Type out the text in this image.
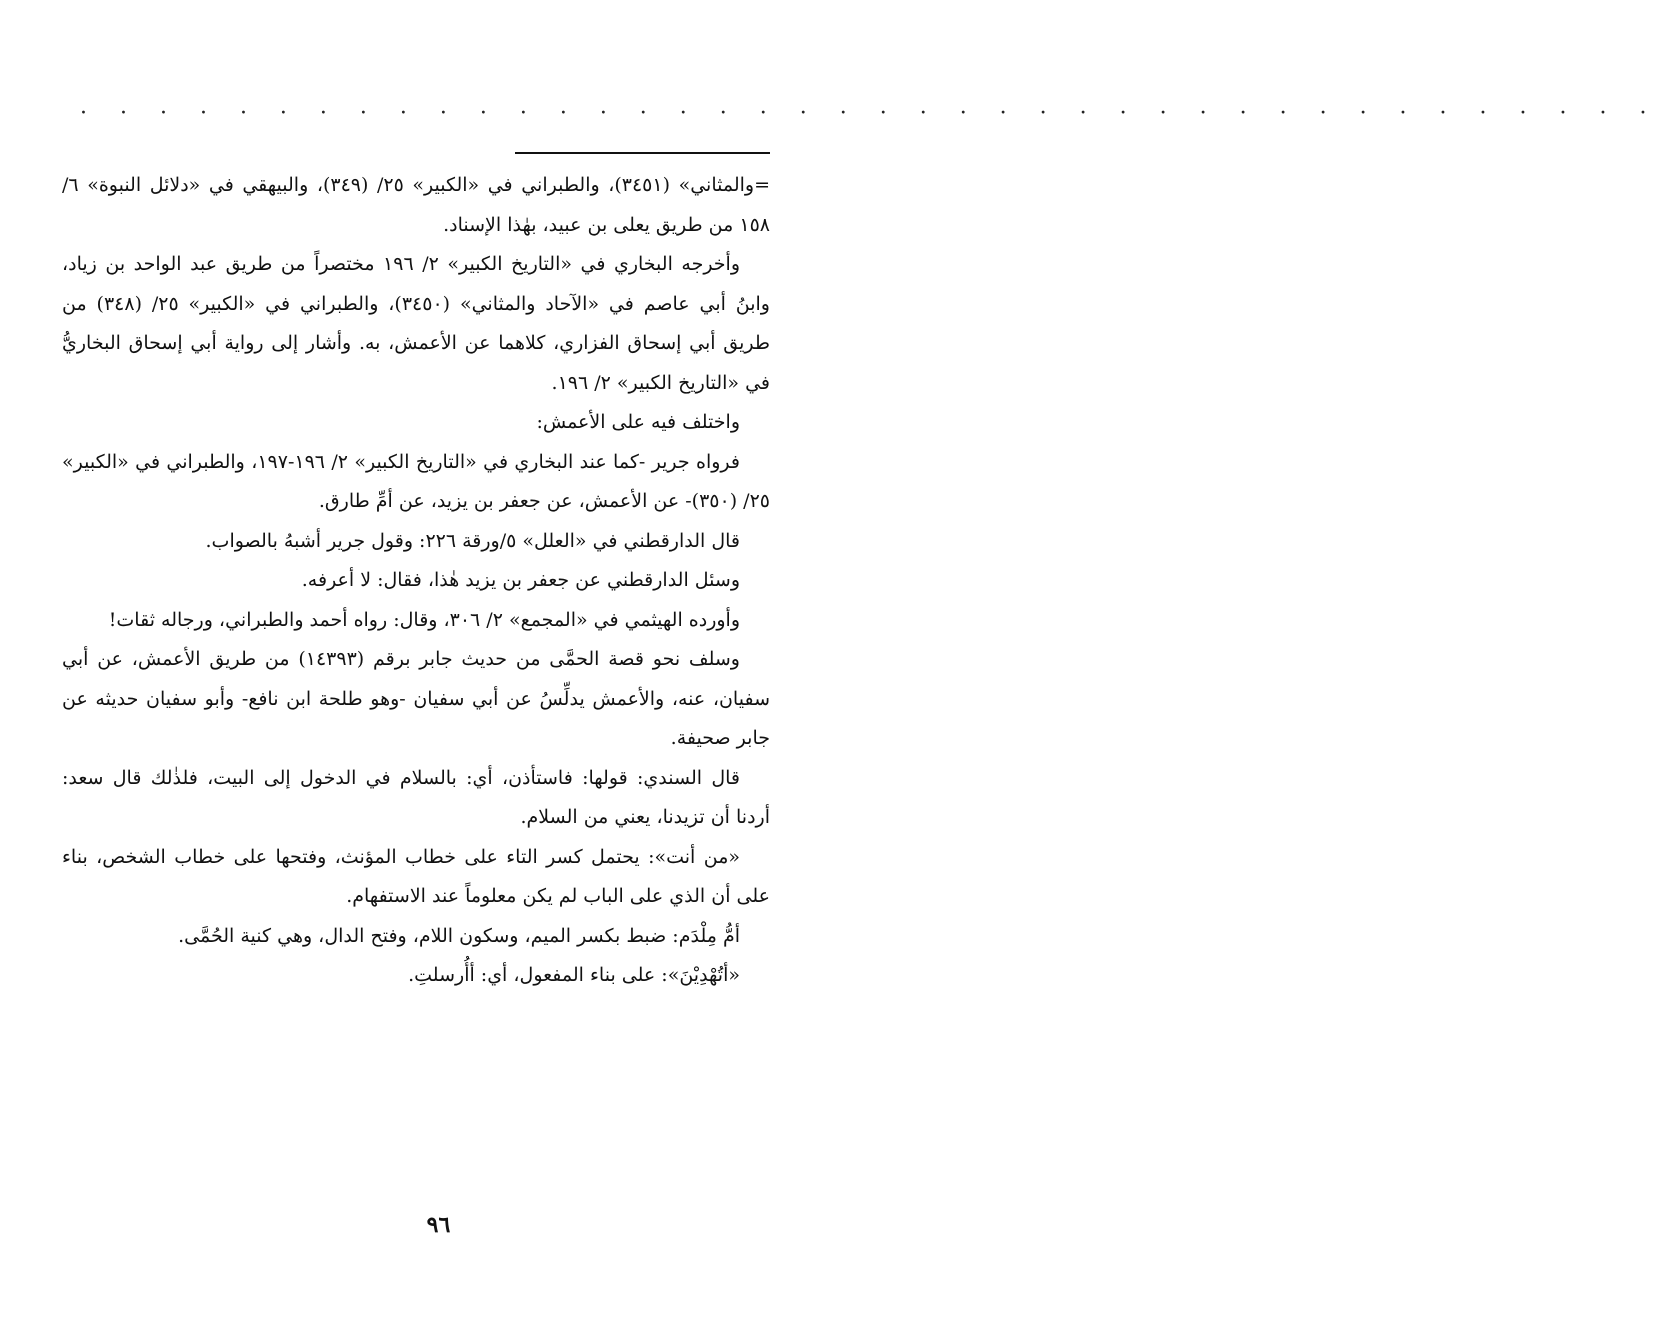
· · · · · · · · · · · · · · · · · · · · · · · · · · · · · · · · · · · · · · · ·

=والمثاني» (٣٤٥١)، والطبراني في «الكبير» ٢٥/ (٣٤٩)، والبيهقي في «دلائل النبوة» ٦/ ١٥٨ من طريق يعلى بن عبيد، بهٰذا الإسناد.

وأخرجه البخاري في «التاريخ الكبير» ٢/ ١٩٦ مختصراً من طريق عبد الواحد بن زياد، وابنُ أبي عاصم في «الآحاد والمثاني» (٣٤٥٠)، والطبراني في «الكبير» ٢٥/ (٣٤٨) من طريق أبي إسحاق الفزاري، كلاهما عن الأعمش، به. وأشار إلى رواية أبي إسحاق البخاريُّ في «التاريخ الكبير» ٢/ ١٩٦.

واختلف فيه على الأعمش:

فرواه جرير -كما عند البخاري في «التاريخ الكبير» ٢/ ١٩٦-١٩٧، والطبراني في «الكبير» ٢٥/ (٣٥٠)- عن الأعمش، عن جعفر بن يزيد، عن أمِّ طارق.

قال الدارقطني في «العلل» ٥/ورقة ٢٢٦: وقول جرير أشبهُ بالصواب.

وسئل الدارقطني عن جعفر بن يزيد هٰذا، فقال: لا أعرفه.

وأورده الهيثمي في «المجمع» ٢/ ٣٠٦، وقال: رواه أحمد والطبراني، ورجاله ثقات!

وسلف نحو قصة الحمَّى من حديث جابر برقم (١٤٣٩٣) من طريق الأعمش، عن أبي سفيان، عنه، والأعمش يدلِّسُ عن أبي سفيان -وهو طلحة ابن نافع- وأبو سفيان حديثه عن جابر صحيفة.

قال السندي: قولها: فاستأذن، أي: بالسلام في الدخول إلى البيت، فلذٰلك قال سعد: أردنا أن تزيدنا، يعني من السلام.

«من أنت»: يحتمل كسر التاء على خطاب المؤنث، وفتحها على خطاب الشخص، بناء على أن الذي على الباب لم يكن معلوماً عند الاستفهام.

أمُّ مِلْدَم: ضبط بكسر الميم، وسكون اللام، وفتح الدال، وهي كنية الحُمَّى.

«أتُهْدِيْنَ»: على بناء المفعول، أي: أأُرسلتِ.

٩٦
